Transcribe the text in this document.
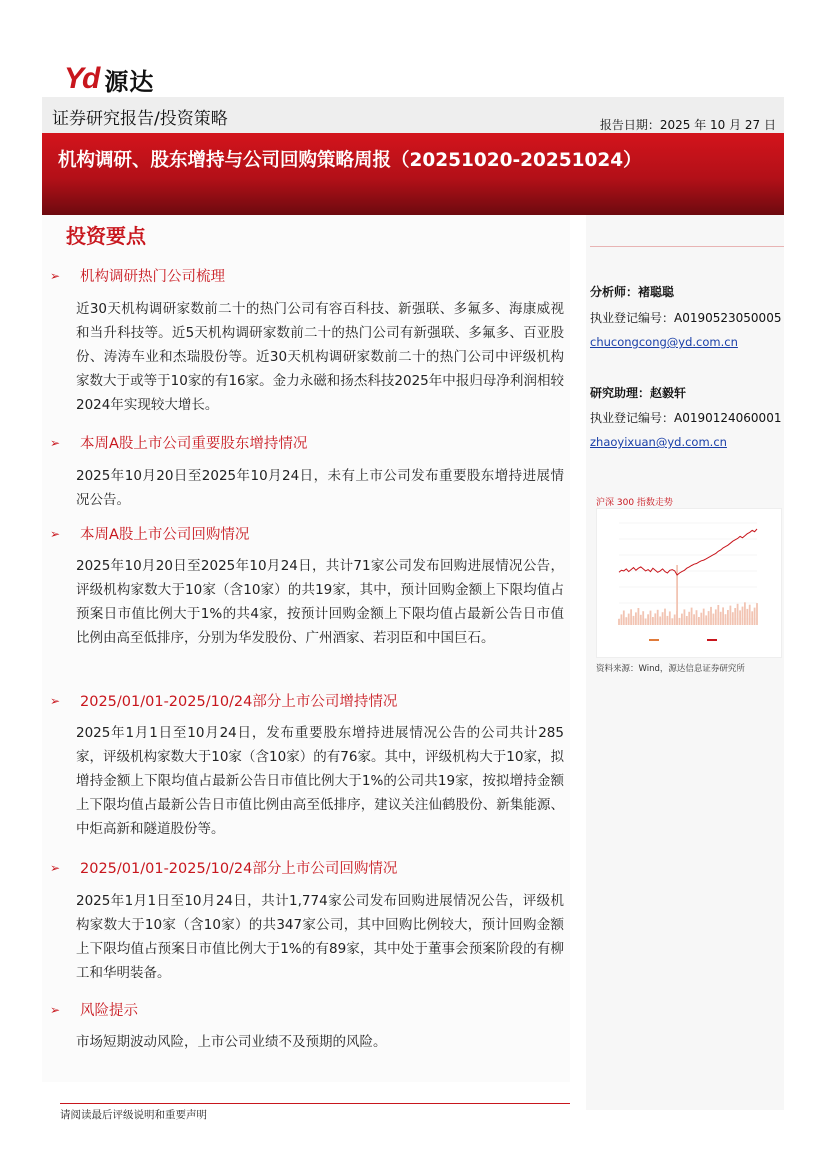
Yd 源达
证券研究报告/投资策略	报告日期：2025 年 10 月 27 日
机构调研、股东增持与公司回购策略周报（20251020-20251024）
投资要点
➢	机构调研热门公司梳理
近30天机构调研家数前二十的热门公司有容百科技、新强联、多氟多、海康威视和当升科技等。近5天机构调研家数前二十的热门公司有新强联、多氟多、百亚股份、涛涛车业和杰瑞股份等。近30天机构调研家数前二十的热门公司中评级机构家数大于或等于10家的有16家。金力永磁和扬杰科技2025年中报归母净利润相较2024年实现较大增长。
➢	本周A股上市公司重要股东增持情况
2025年10月20日至2025年10月24日，未有上市公司发布重要股东增持进展情况公告。
➢	本周A股上市公司回购情况
2025年10月20日至2025年10月24日，共计71家公司发布回购进展情况公告，评级机构家数大于10家（含10家）的共19家，其中，预计回购金额上下限均值占预案日市值比例大于1%的共4家，按预计回购金额上下限均值占最新公告日市值比例由高至低排序，分别为华发股份、广州酒家、若羽臣和中国巨石。
➢	2025/01/01-2025/10/24部分上市公司增持情况
2025年1月1日至10月24日，发布重要股东增持进展情况公告的公司共计285家，评级机构家数大于10家（含10家）的有76家。其中，评级机构大于10家，拟增持金额上下限均值占最新公告日市值比例大于1%的公司共19家，按拟增持金额上下限均值占最新公告日市值比例由高至低排序，建议关注仙鹤股份、新集能源、中炬高新和隧道股份等。
➢	2025/01/01-2025/10/24部分上市公司回购情况
2025年1月1日至10月24日，共计1,774家公司发布回购进展情况公告，评级机构家数大于10家（含10家）的共347家公司，其中回购比例较大，预计回购金额上下限均值占预案日市值比例大于1%的有89家，其中处于董事会预案阶段的有柳工和华明装备。
➢	风险提示
市场短期波动风险，上市公司业绩不及预期的风险。
分析师：褚聪聪
执业登记编号：A0190523050005
chucongcong@yd.com.cn
研究助理：赵毅轩
执业登记编号：A0190124060001
zhaoyixuan@yd.com.cn
沪深 300 指数走势
资料来源：Wind，源达信息证券研究所
请阅读最后评级说明和重要声明
